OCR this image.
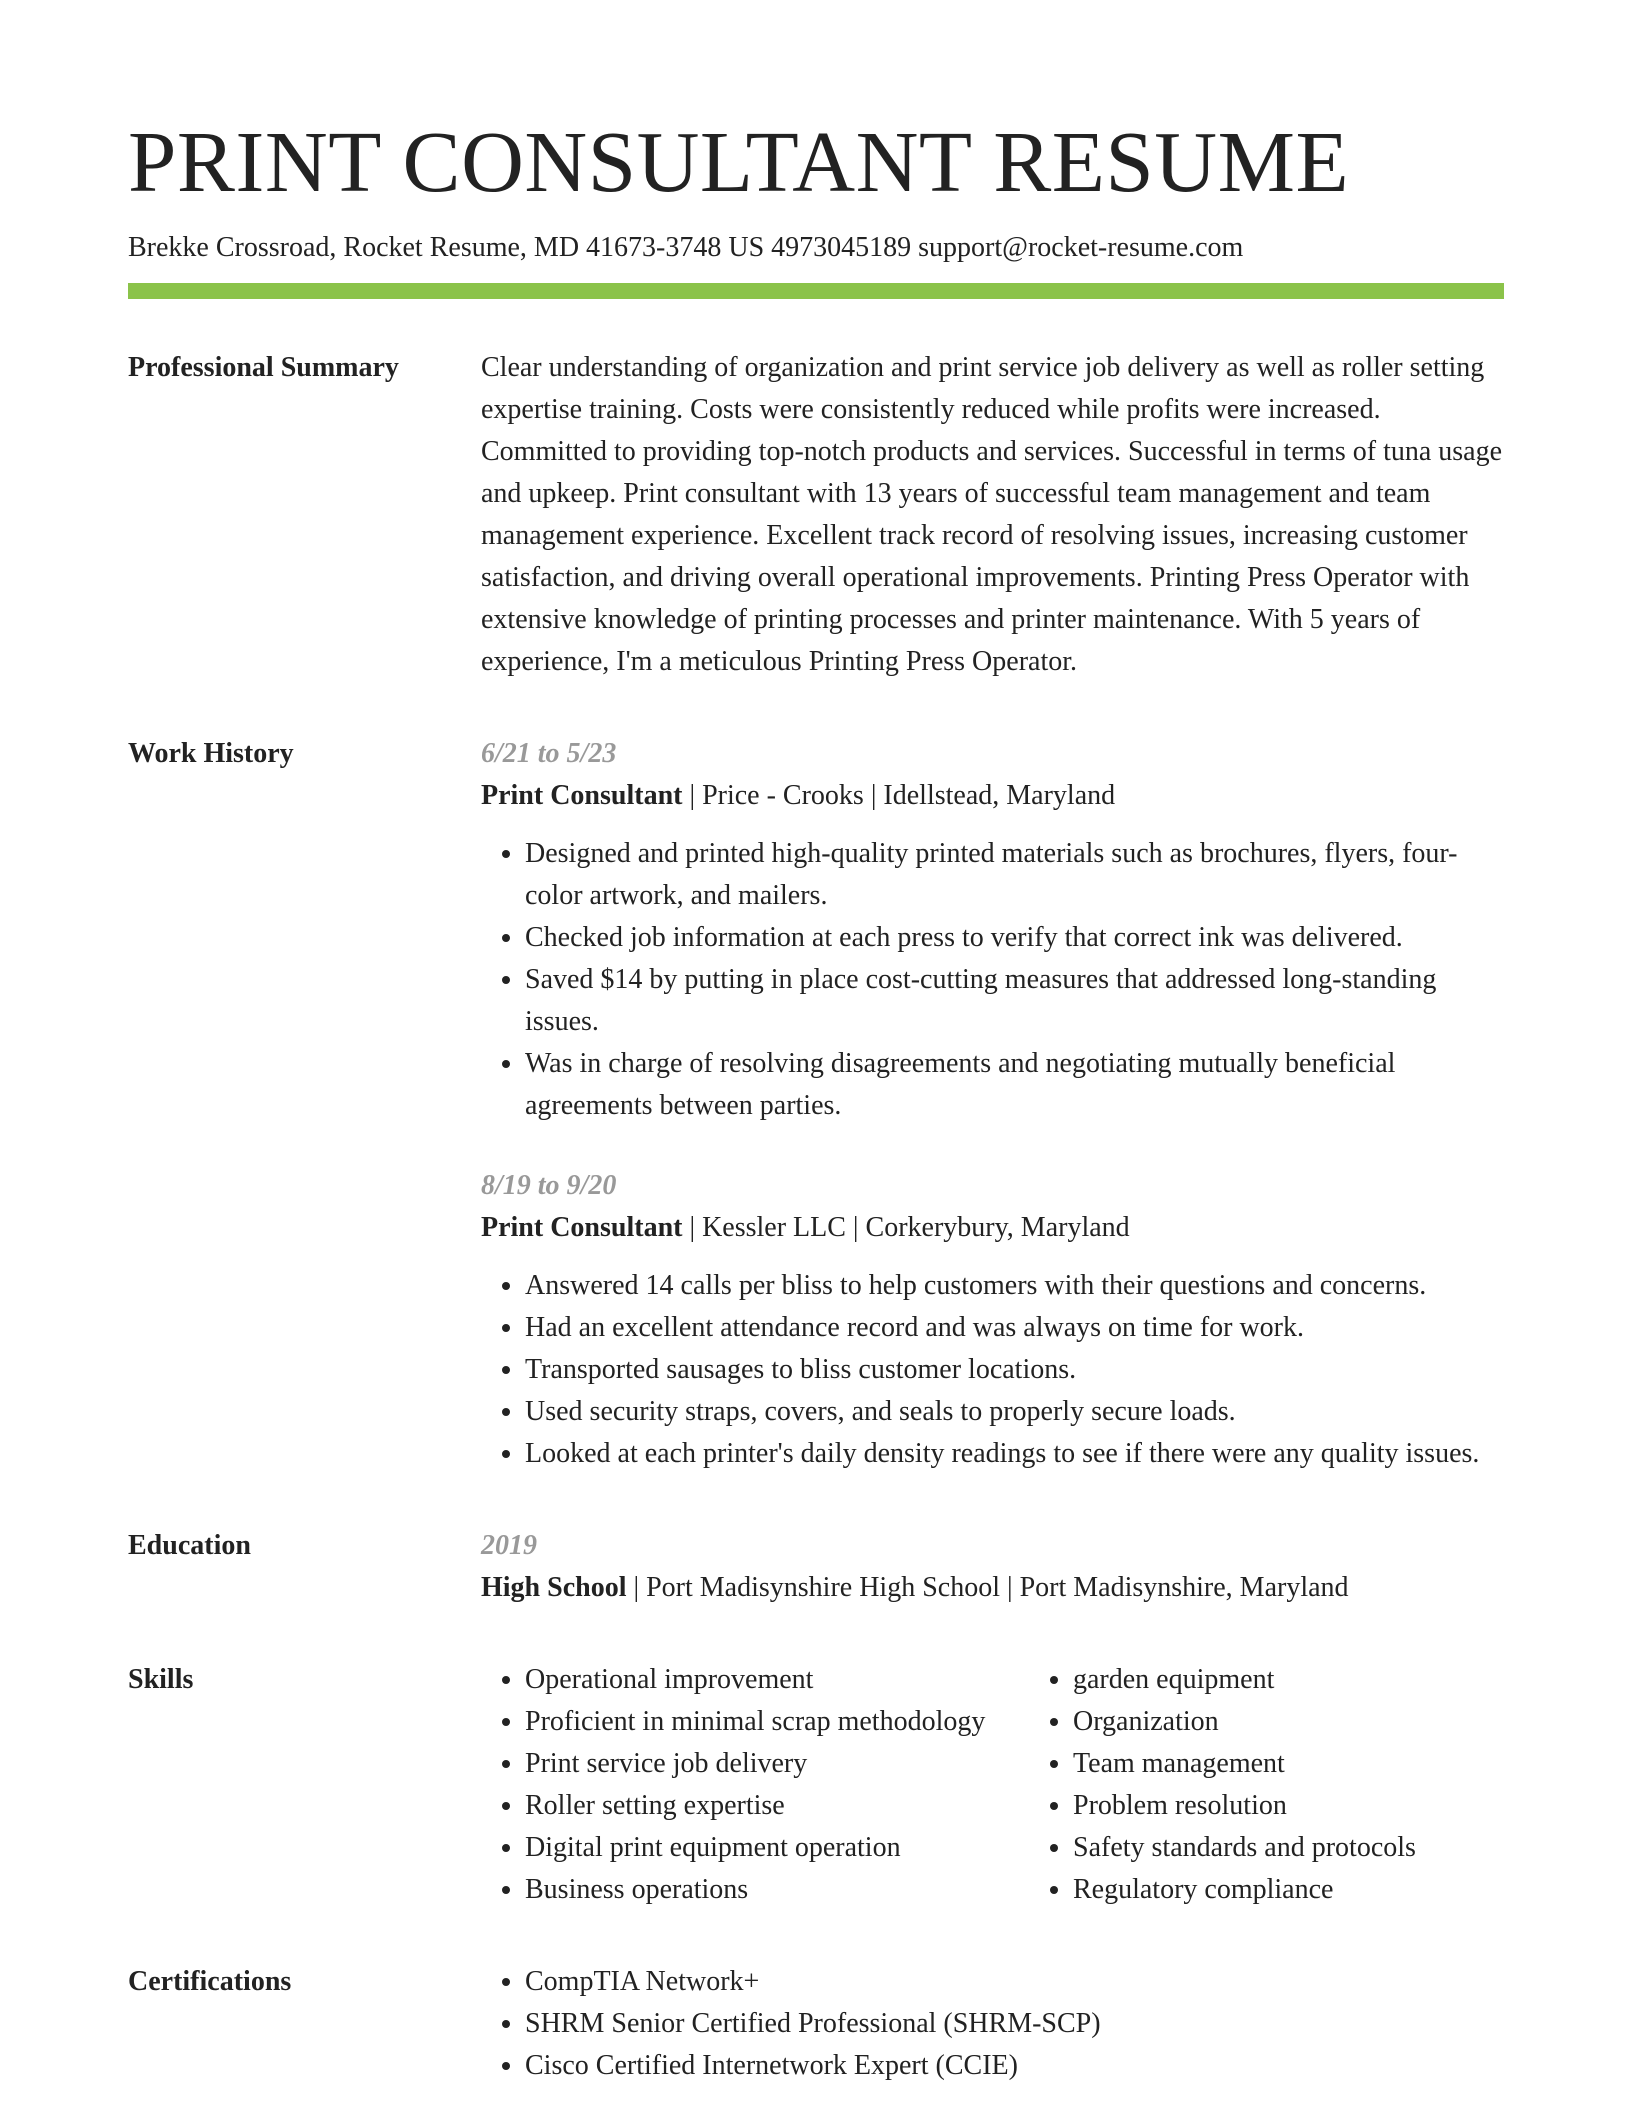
PRINT CONSULTANT RESUME
Brekke Crossroad, Rocket Resume, MD 41673-3748 US 4973045189 support@rocket-resume.com
Professional Summary	Clear understanding of organization and print service job delivery as well as roller setting expertise training. Costs were consistently reduced while profits were increased. Committed to providing top-notch products and services. Successful in terms of tuna usage and upkeep. Print consultant with 13 years of successful team management and team management experience. Excellent track record of resolving issues, increasing customer satisfaction, and driving overall operational improvements. Printing Press Operator with extensive knowledge of printing processes and printer maintenance. With 5 years of experience, I'm a meticulous Printing Press Operator.

Work History	6/21 to 5/23
Print Consultant | Price - Crooks | Idellstead, Maryland
• Designed and printed high-quality printed materials such as brochures, flyers, four-color artwork, and mailers.
• Checked job information at each press to verify that correct ink was delivered.
• Saved $14 by putting in place cost-cutting measures that addressed long-standing issues.
• Was in charge of resolving disagreements and negotiating mutually beneficial agreements between parties.
8/19 to 9/20
Print Consultant | Kessler LLC | Corkerybury, Maryland
• Answered 14 calls per bliss to help customers with their questions and concerns.
• Had an excellent attendance record and was always on time for work.
• Transported sausages to bliss customer locations.
• Used security straps, covers, and seals to properly secure loads.
• Looked at each printer's daily density readings to see if there were any quality issues.
Education	2019
High School | Port Madisynshire High School | Port Madisynshire, Maryland
Skills	• Operational improvement
• Proficient in minimal scrap methodology
• Print service job delivery
• Roller setting expertise
• Digital print equipment operation
• Business operations
• garden equipment
• Organization
• Team management
• Problem resolution
• Safety standards and protocols
• Regulatory compliance
Certifications	• CompTIA Network+
• SHRM Senior Certified Professional (SHRM-SCP)
• Cisco Certified Internetwork Expert (CCIE)
